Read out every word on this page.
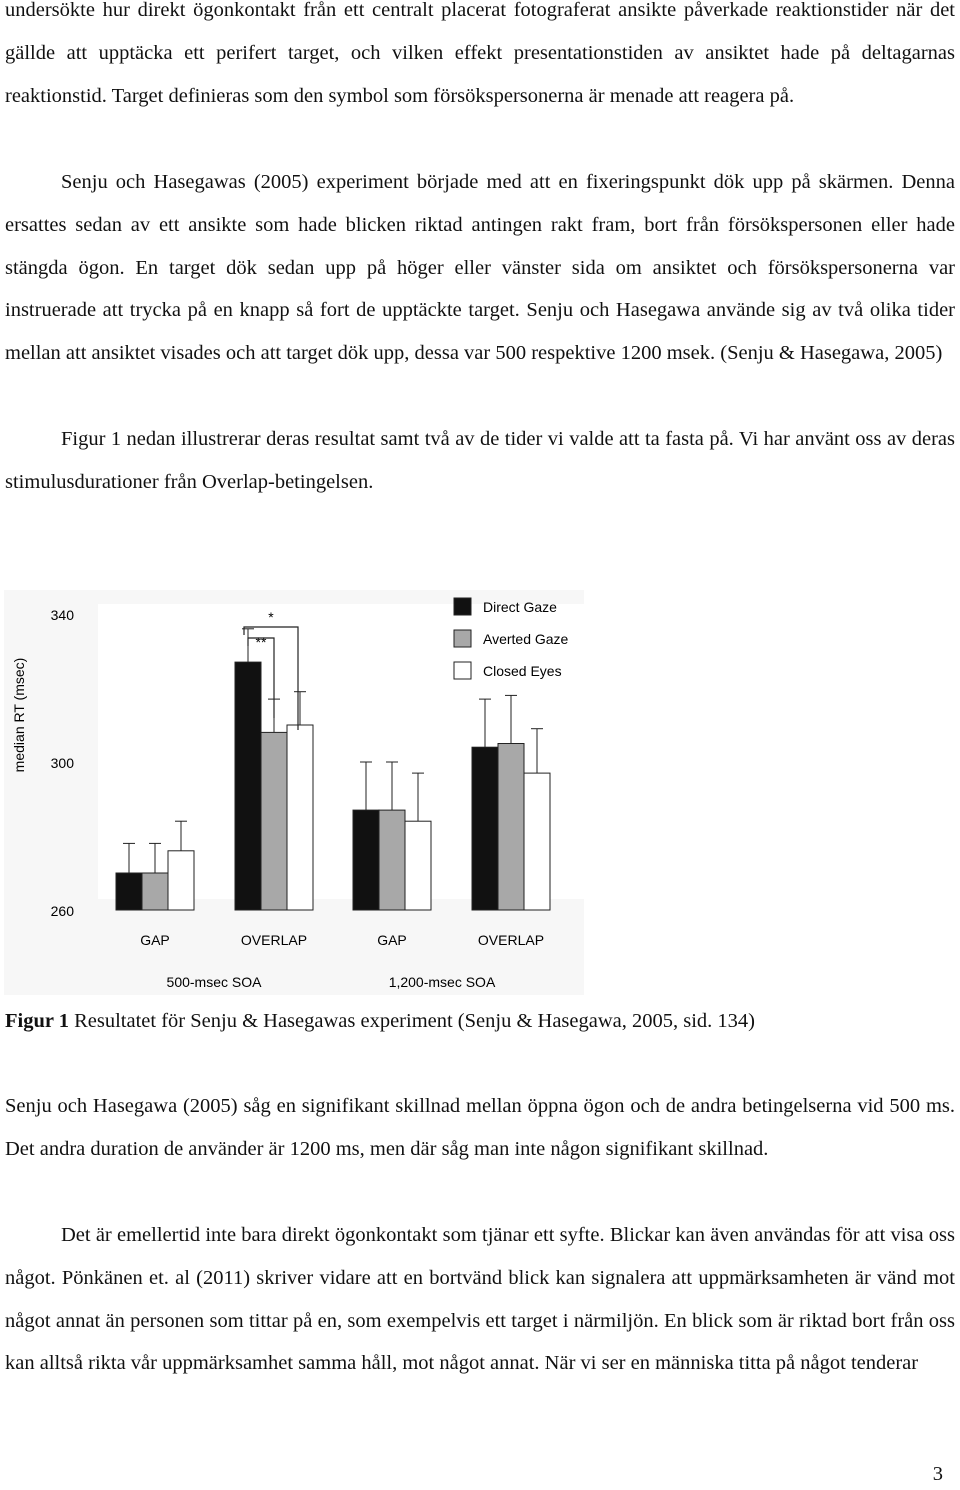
undersökte hur direkt ögonkontakt från ett centralt placerat fotograferat ansikte påverkade reaktionstider när det gällde att upptäcka ett perifert target, och vilken effekt presentationstiden av ansiktet hade på deltagarnas reaktionstid. Target definieras som den symbol som försökspersonerna är menade att reagera på.

Senju och Hasegawas (2005) experiment började med att en fixeringspunkt dök upp på skärmen. Denna ersattes sedan av ett ansikte som hade blicken riktad antingen rakt fram, bort från försökspersonen eller hade stängda ögon. En target dök sedan upp på höger eller vänster sida om ansiktet och försökspersonerna var instruerade att trycka på en knapp så fort de upptäckte target. Senju och Hasegawa använde sig av två olika tider mellan att ansiktet visades och att target dök upp, dessa var 500 respektive 1200 msek. (Senju & Hasegawa, 2005)

Figur 1 nedan illustrerar deras resultat samt två av de tider vi valde att ta fasta på. Vi har använt oss av deras stimulusdurationer från Overlap-betingelsen.

median RT (msec)
340
300
260
GAP	OVERLAP	GAP	OVERLAP
500-msec SOA	1,200-msec SOA
*
**
Direct Gaze
Averted Gaze
Closed Eyes

Figur 1 Resultatet för Senju & Hasegawas experiment (Senju & Hasegawa, 2005, sid. 134)

Senju och Hasegawa (2005) såg en signifikant skillnad mellan öppna ögon och de andra betingelserna vid 500 ms. Det andra duration de använder är 1200 ms, men där såg man inte någon signifikant skillnad.

Det är emellertid inte bara direkt ögonkontakt som tjänar ett syfte. Blickar kan även användas för att visa oss något. Pönkänen et. al (2011) skriver vidare att en bortvänd blick kan signalera att uppmärksamheten är vänd mot något annat än personen som tittar på en, som exempelvis ett target i närmiljön. En blick som är riktad bort från oss kan alltså rikta vår uppmärksamhet samma håll, mot något annat. När vi ser en människa titta på något tenderar

3
